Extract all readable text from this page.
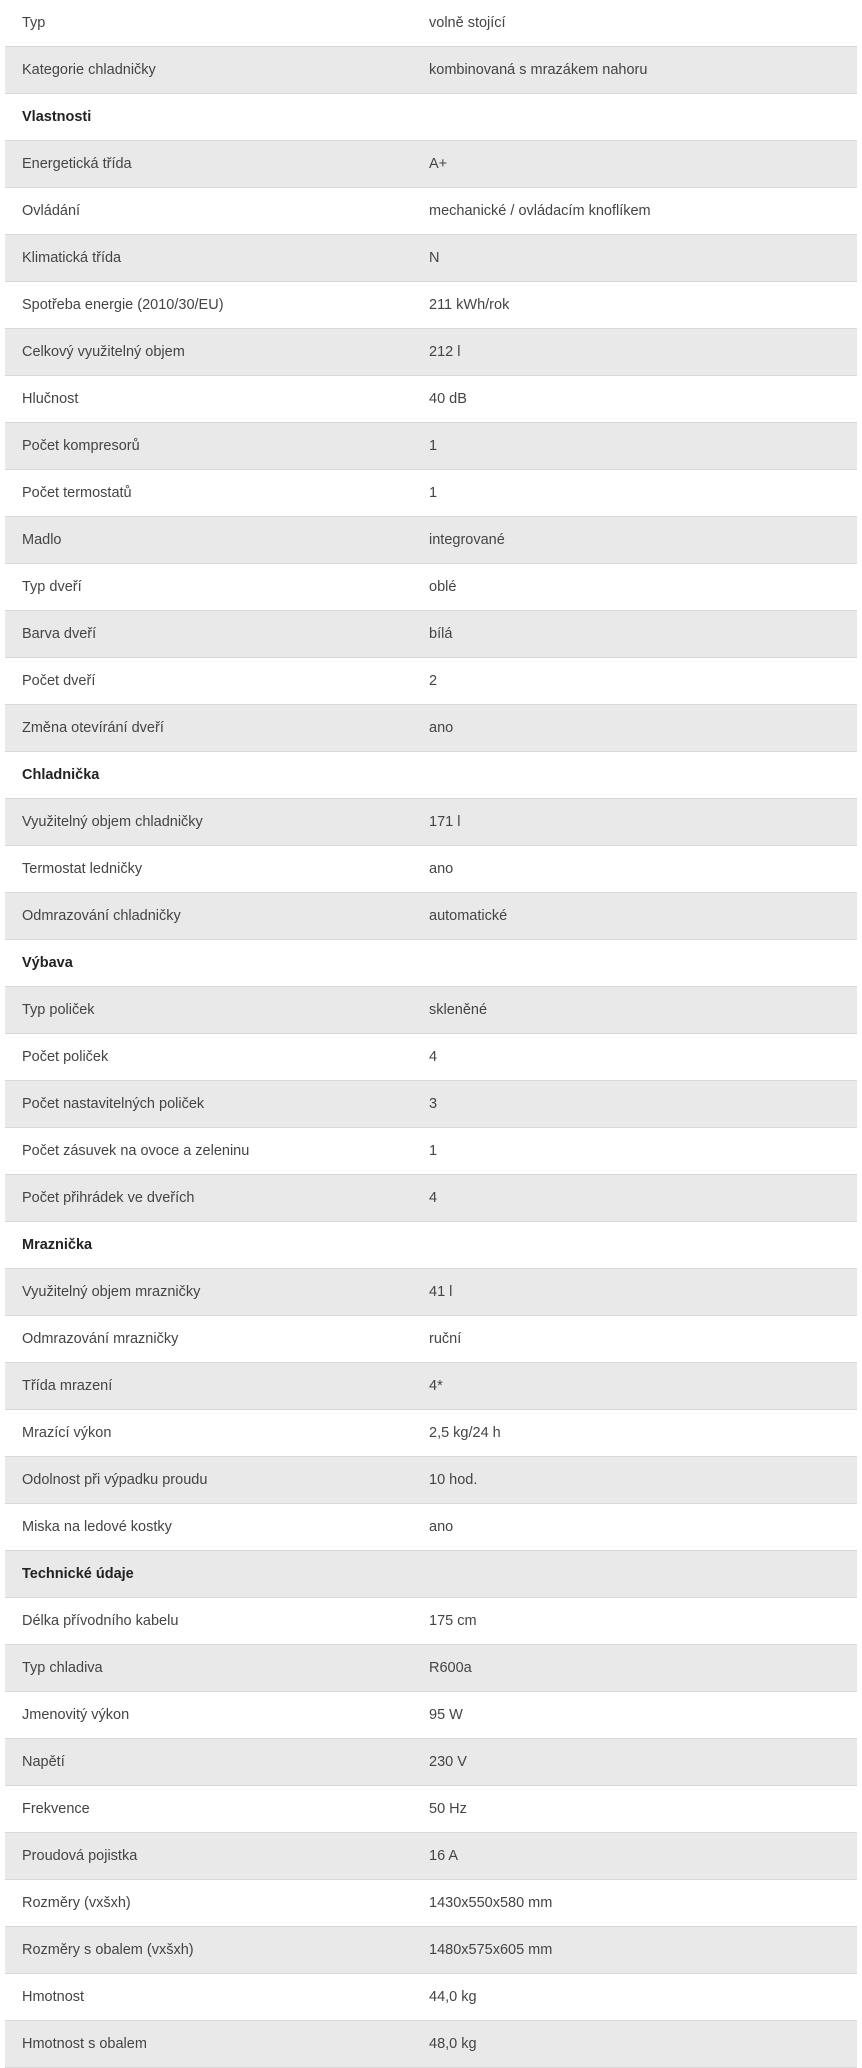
Typ	volně stojící
Kategorie chladničky	kombinovaná s mrazákem nahoru
Vlastnosti
Energetická třída	A+
Ovládání	mechanické / ovládacím knoflíkem
Klimatická třída	N
Spotřeba energie (2010/30/EU)	211 kWh/rok
Celkový využitelný objem	212 l
Hlučnost	40 dB
Počet kompresorů	1
Počet termostatů	1
Madlo	integrované
Typ dveří	oblé
Barva dveří	bílá
Počet dveří	2
Změna otevírání dveří	ano
Chladnička
Využitelný objem chladničky	171 l
Termostat ledničky	ano
Odmrazování chladničky	automatické
Výbava
Typ poliček	skleněné
Počet poliček	4
Počet nastavitelných poliček	3
Počet zásuvek na ovoce a zeleninu	1
Počet přihrádek ve dveřích	4
Mraznička
Využitelný objem mrazničky	41 l
Odmrazování mrazničky	ruční
Třída mrazení	4*
Mrazící výkon	2,5 kg/24 h
Odolnost při výpadku proudu	10 hod.
Miska na ledové kostky	ano
Technické údaje
Délka přívodního kabelu	175 cm
Typ chladiva	R600a
Jmenovitý výkon	95 W
Napětí	230 V
Frekvence	50 Hz
Proudová pojistka	16 A
Rozměry (vxšxh)	1430x550x580 mm
Rozměry s obalem (vxšxh)	1480x575x605 mm
Hmotnost	44,0 kg
Hmotnost s obalem	48,0 kg
